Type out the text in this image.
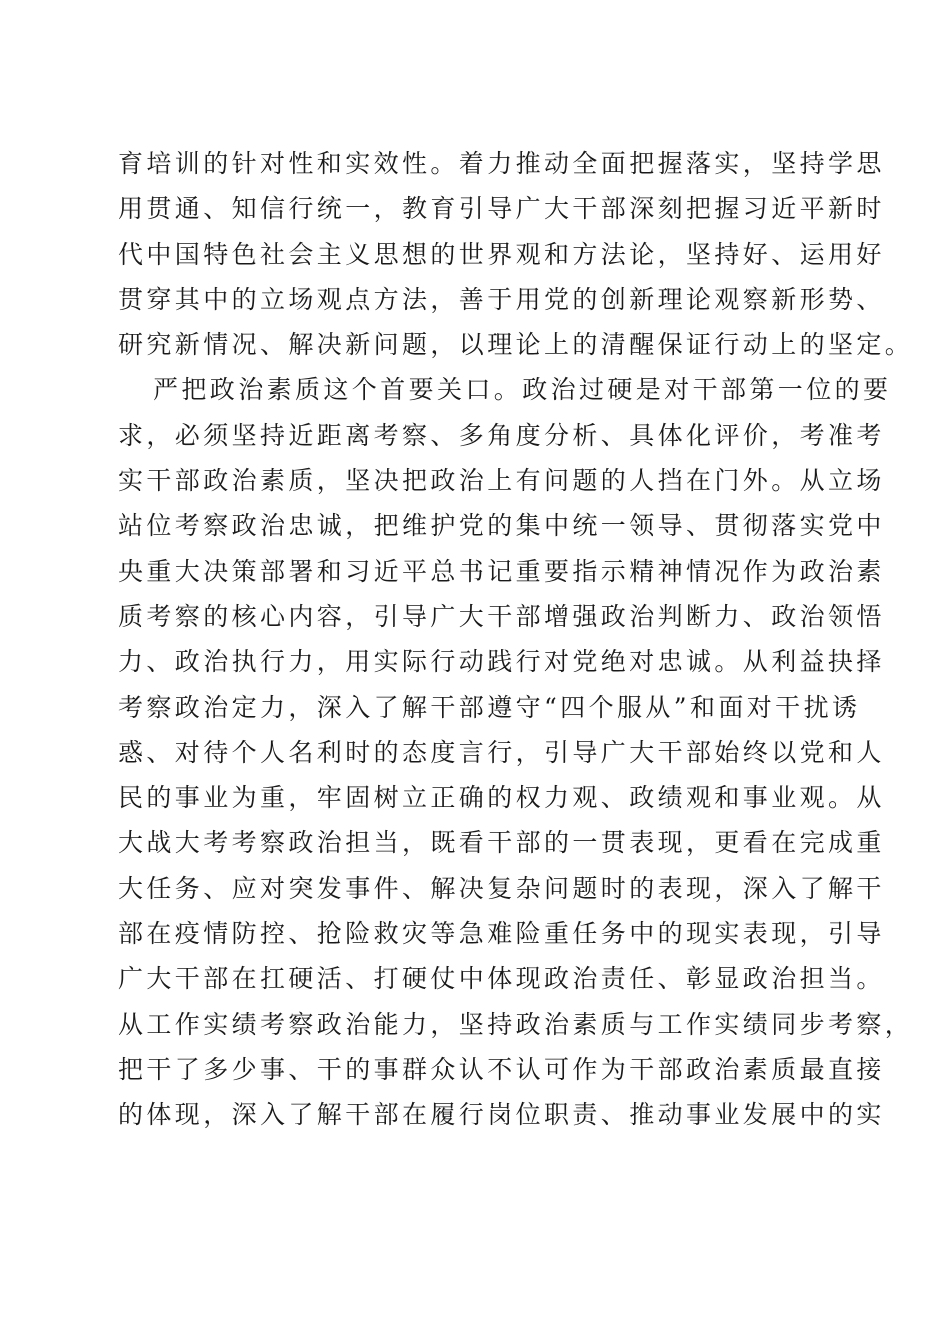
育培训的针对性和实效性。着力推动全面把握落实，坚持学思
用贯通、知信行统一，教育引导广大干部深刻把握习近平新时
代中国特色社会主义思想的世界观和方法论，坚持好、运用好
贯穿其中的立场观点方法，善于用党的创新理论观察新形势、
研究新情况、解决新问题，以理论上的清醒保证行动上的坚定。
严把政治素质这个首要关口。政治过硬是对干部第一位的要
求，必须坚持近距离考察、多角度分析、具体化评价，考准考
实干部政治素质，坚决把政治上有问题的人挡在门外。从立场
站位考察政治忠诚，把维护党的集中统一领导、贯彻落实党中
央重大决策部署和习近平总书记重要指示精神情况作为政治素
质考察的核心内容，引导广大干部增强政治判断力、政治领悟
力、政治执行力，用实际行动践行对党绝对忠诚。从利益抉择
考察政治定力，深入了解干部遵守“四个服从”和面对干扰诱
惑、对待个人名利时的态度言行，引导广大干部始终以党和人
民的事业为重，牢固树立正确的权力观、政绩观和事业观。从
大战大考考察政治担当，既看干部的一贯表现，更看在完成重
大任务、应对突发事件、解决复杂问题时的表现，深入了解干
部在疫情防控、抢险救灾等急难险重任务中的现实表现，引导
广大干部在扛硬活、打硬仗中体现政治责任、彰显政治担当。
从工作实绩考察政治能力，坚持政治素质与工作实绩同步考察，
把干了多少事、干的事群众认不认可作为干部政治素质最直接
的体现，深入了解干部在履行岗位职责、推动事业发展中的实
